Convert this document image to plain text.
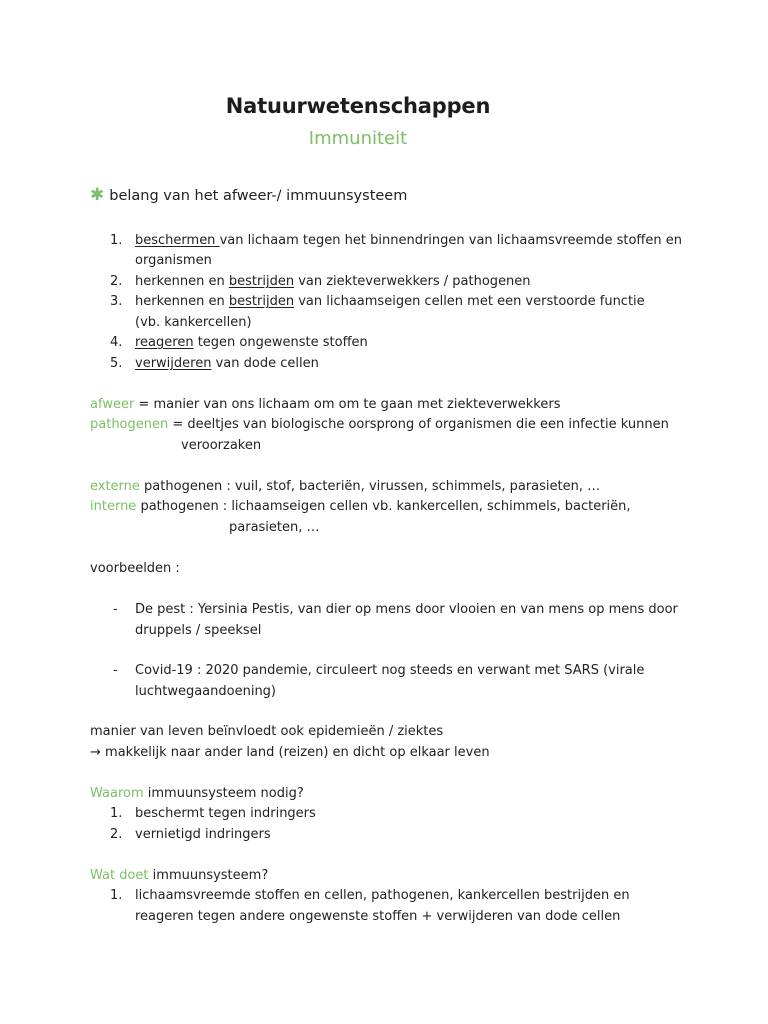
Natuurwetenschappen
Immuniteit
✱ belang van het afweer-/ immuunsysteem
1. beschermen van lichaam tegen het binnendringen van lichaamsvreemde stoffen en
organismen
2. herkennen en bestrijden van ziekteverwekkers / pathogenen
3. herkennen en bestrijden van lichaamseigen cellen met een verstoorde functie
(vb. kankercellen)
4. reageren tegen ongewenste stoffen
5. verwijderen van dode cellen
afweer = manier van ons lichaam om om te gaan met ziekteverwekkers
pathogenen = deeltjes van biologische oorsprong of organismen die een infectie kunnen
veroorzaken
externe pathogenen : vuil, stof, bacteriën, virussen, schimmels, parasieten, …
interne pathogenen : lichaamseigen cellen vb. kankercellen, schimmels, bacteriën,
parasieten, …
voorbeelden :
- De pest : Yersinia Pestis, van dier op mens door vlooien en van mens op mens door
druppels / speeksel
- Covid-19 : 2020 pandemie, circuleert nog steeds en verwant met SARS (virale
luchtwegaandoening)
manier van leven beïnvloedt ook epidemieën / ziektes
→ makkelijk naar ander land (reizen) en dicht op elkaar leven
Waarom immuunsysteem nodig?
1. beschermt tegen indringers
2. vernietigd indringers
Wat doet immuunsysteem?
1. lichaamsvreemde stoffen en cellen, pathogenen, kankercellen bestrijden en
reageren tegen andere ongewenste stoffen + verwijderen van dode cellen
